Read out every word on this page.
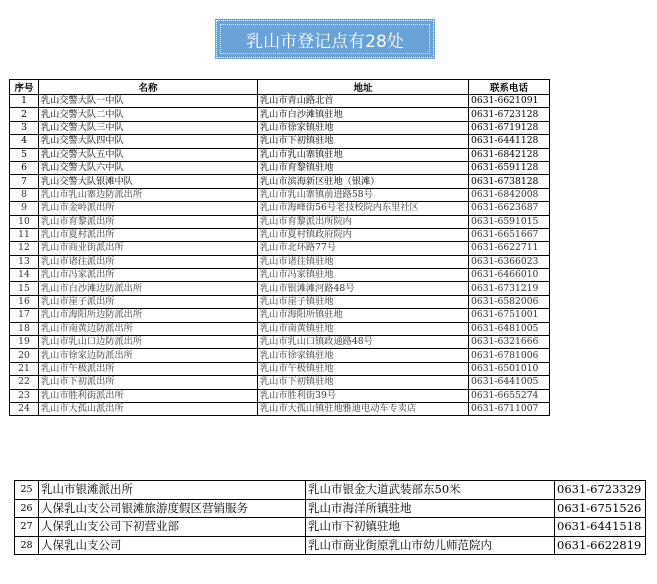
乳山市登记点有28处
序号	名称	地址	联系电话
1	乳山交警大队一中队	乳山市青山路北首	0631-6621091
2	乳山交警大队二中队	乳山市白沙滩镇驻地	0631-6723128
3	乳山交警大队三中队	乳山市徐家镇驻地	0631-6719128
4	乳山交警大队四中队	乳山市下初镇驻地	0631-6441128
5	乳山交警大队五中队	乳山市乳山寨镇驻地	0631-6842128
6	乳山交警大队六中队	乳山市育黎镇驻地	0631-6591128
7	乳山交警大队银滩中队	乳山市滨海新区驻地（银滩）	0631-6738128
8	乳山市乳山寨边防派出所	乳山市乳山寨镇前进路58号	0631-6842008
9	乳山市金岭派出所	乳山市海峰街56号老技校院内东里社区	0631-6623687
10	乳山市育黎派出所	乳山市育黎派出所院内	0631-6591015
11	乳山市夏村派出所	乳山市夏村镇政府院内	0631-6651667
12	乳山市商业街派出所	乳山市北环路77号	0631-6622711
13	乳山市诸往派出所	乳山市诸往镇驻地	0631-6366023
14	乳山市冯家派出所	乳山市冯家镇驻地	0631-6466010
15	乳山市白沙滩边防派出所	乳山市银滩滩河路48号	0631-6731219
16	乳山市崖子派出所	乳山市崖子镇驻地	0631-6582006
17	乳山市海阳所边防派出所	乳山市海阳所镇驻地	0631-6751001
18	乳山市南黄边防派出所	乳山市南黄镇驻地	0631-6481005
19	乳山市乳山口边防派出所	乳山市乳山口镇政通路48号	0631-6321666
20	乳山市徐家边防派出所	乳山市徐家镇驻地	0631-6781006
21	乳山市午极派出所	乳山市午极镇驻地	0631-6501010
22	乳山市下初派出所	乳山市下初镇驻地	0631-6441005
23	乳山市胜利街派出所	乳山市胜利街39号	0631-6655274
24	乳山市大孤山派出所	乳山市大孤山镇驻地雅迪电动车专卖店	0631-6711007
25	乳山市银滩派出所	乳山市银金大道武装部东50米	0631-6723329
26	人保乳山支公司银滩旅游度假区营销服务	乳山市海洋所镇驻地	0631-6751526
27	人保乳山支公司下初营业部	乳山市下初镇驻地	0631-6441518
28	人保乳山支公司	乳山市商业街原乳山市幼儿师范院内	0631-6622819
